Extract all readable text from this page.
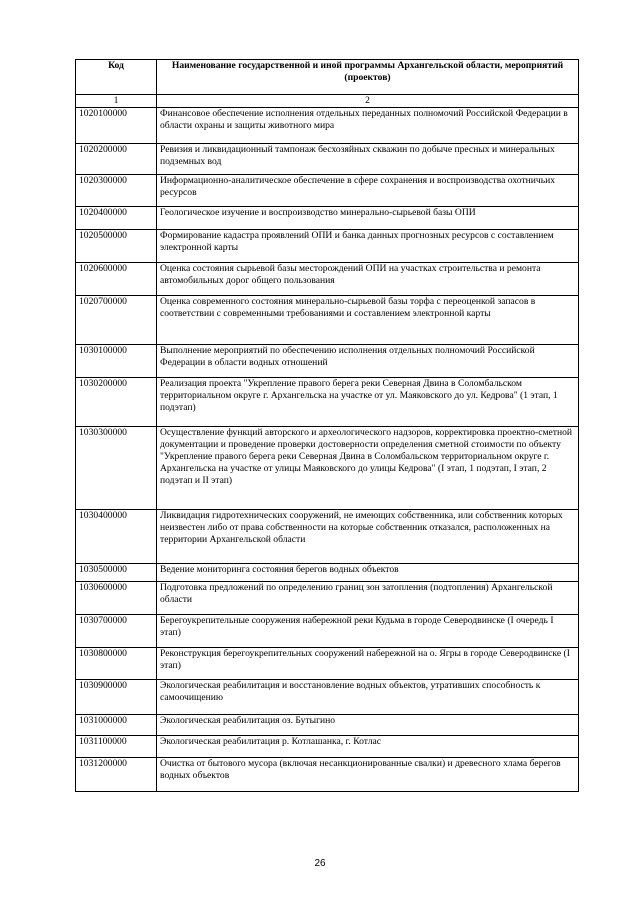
Код	Наименование государственной и иной программы Архангельской области, мероприятий (проектов)
1	2
1020100000	Финансовое обеспечение исполнения отдельных переданных полномочий Российской Федерации в области охраны и защиты животного мира
1020200000	Ревизия и ликвидационный тампонаж бесхозяйных скважин по добыче пресных и минеральных подземных вод
1020300000	Информационно-аналитическое обеспечение в сфере сохранения и воспроизводства охотничьих ресурсов
1020400000	Геологическое изучение и воспроизводство минерально-сырьевой базы ОПИ
1020500000	Формирование кадастра проявлений ОПИ и банка данных прогнозных ресурсов с составлением электронной карты
1020600000	Оценка состояния сырьевой базы месторождений ОПИ на участках строительства и ремонта автомобильных дорог общего пользования
1020700000	Оценка современного состояния минерально-сырьевой базы торфа с переоценкой запасов в соответствии с современными требованиями и составлением электронной карты
1030100000	Выполнение мероприятий по обеспечению исполнения отдельных полномочий Российской Федерации в области водных отношений
1030200000	Реализация проекта "Укрепление правого берега реки Северная Двина в Соломбальском территориальном округе г. Архангельска на участке от ул. Маяковского до ул. Кедрова" (1 этап, 1 подэтап)
1030300000	Осуществление функций авторского и археологического надзоров, корректировка проектно-сметной документации и проведение проверки достоверности определения сметной стоимости по объекту "Укрепление правого берега реки Северная Двина в Соломбальском территориальном округе г. Архангельска на участке от улицы Маяковского до улицы Кедрова" (I этап, 1 подэтап, I этап, 2 подэтап и II этап)
1030400000	Ликвидация гидротехнических сооружений, не имеющих собственника, или собственник которых неизвестен либо от права собственности на которые собственник отказался, расположенных на территории Архангельской области
1030500000	Ведение мониторинга состояния берегов водных объектов
1030600000	Подготовка предложений по определению границ зон затопления (подтопления) Архангельской области
1030700000	Берегоукрепительные сооружения набережной реки Кудьма в городе Северодвинске (I очередь I этап)
1030800000	Реконструкция берегоукрепительных сооружений набережной на о. Ягры в городе Северодвинске (I этап)
1030900000	Экологическая реабилитация и восстановление водных объектов, утративших способность к самоочищению
1031000000	Экологическая реабилитация оз. Бутыгино
1031100000	Экологическая реабилитация р. Котлашанка, г. Котлас
1031200000	Очистка от бытового мусора (включая несанкционированные свалки) и древесного хлама берегов водных объектов
26
